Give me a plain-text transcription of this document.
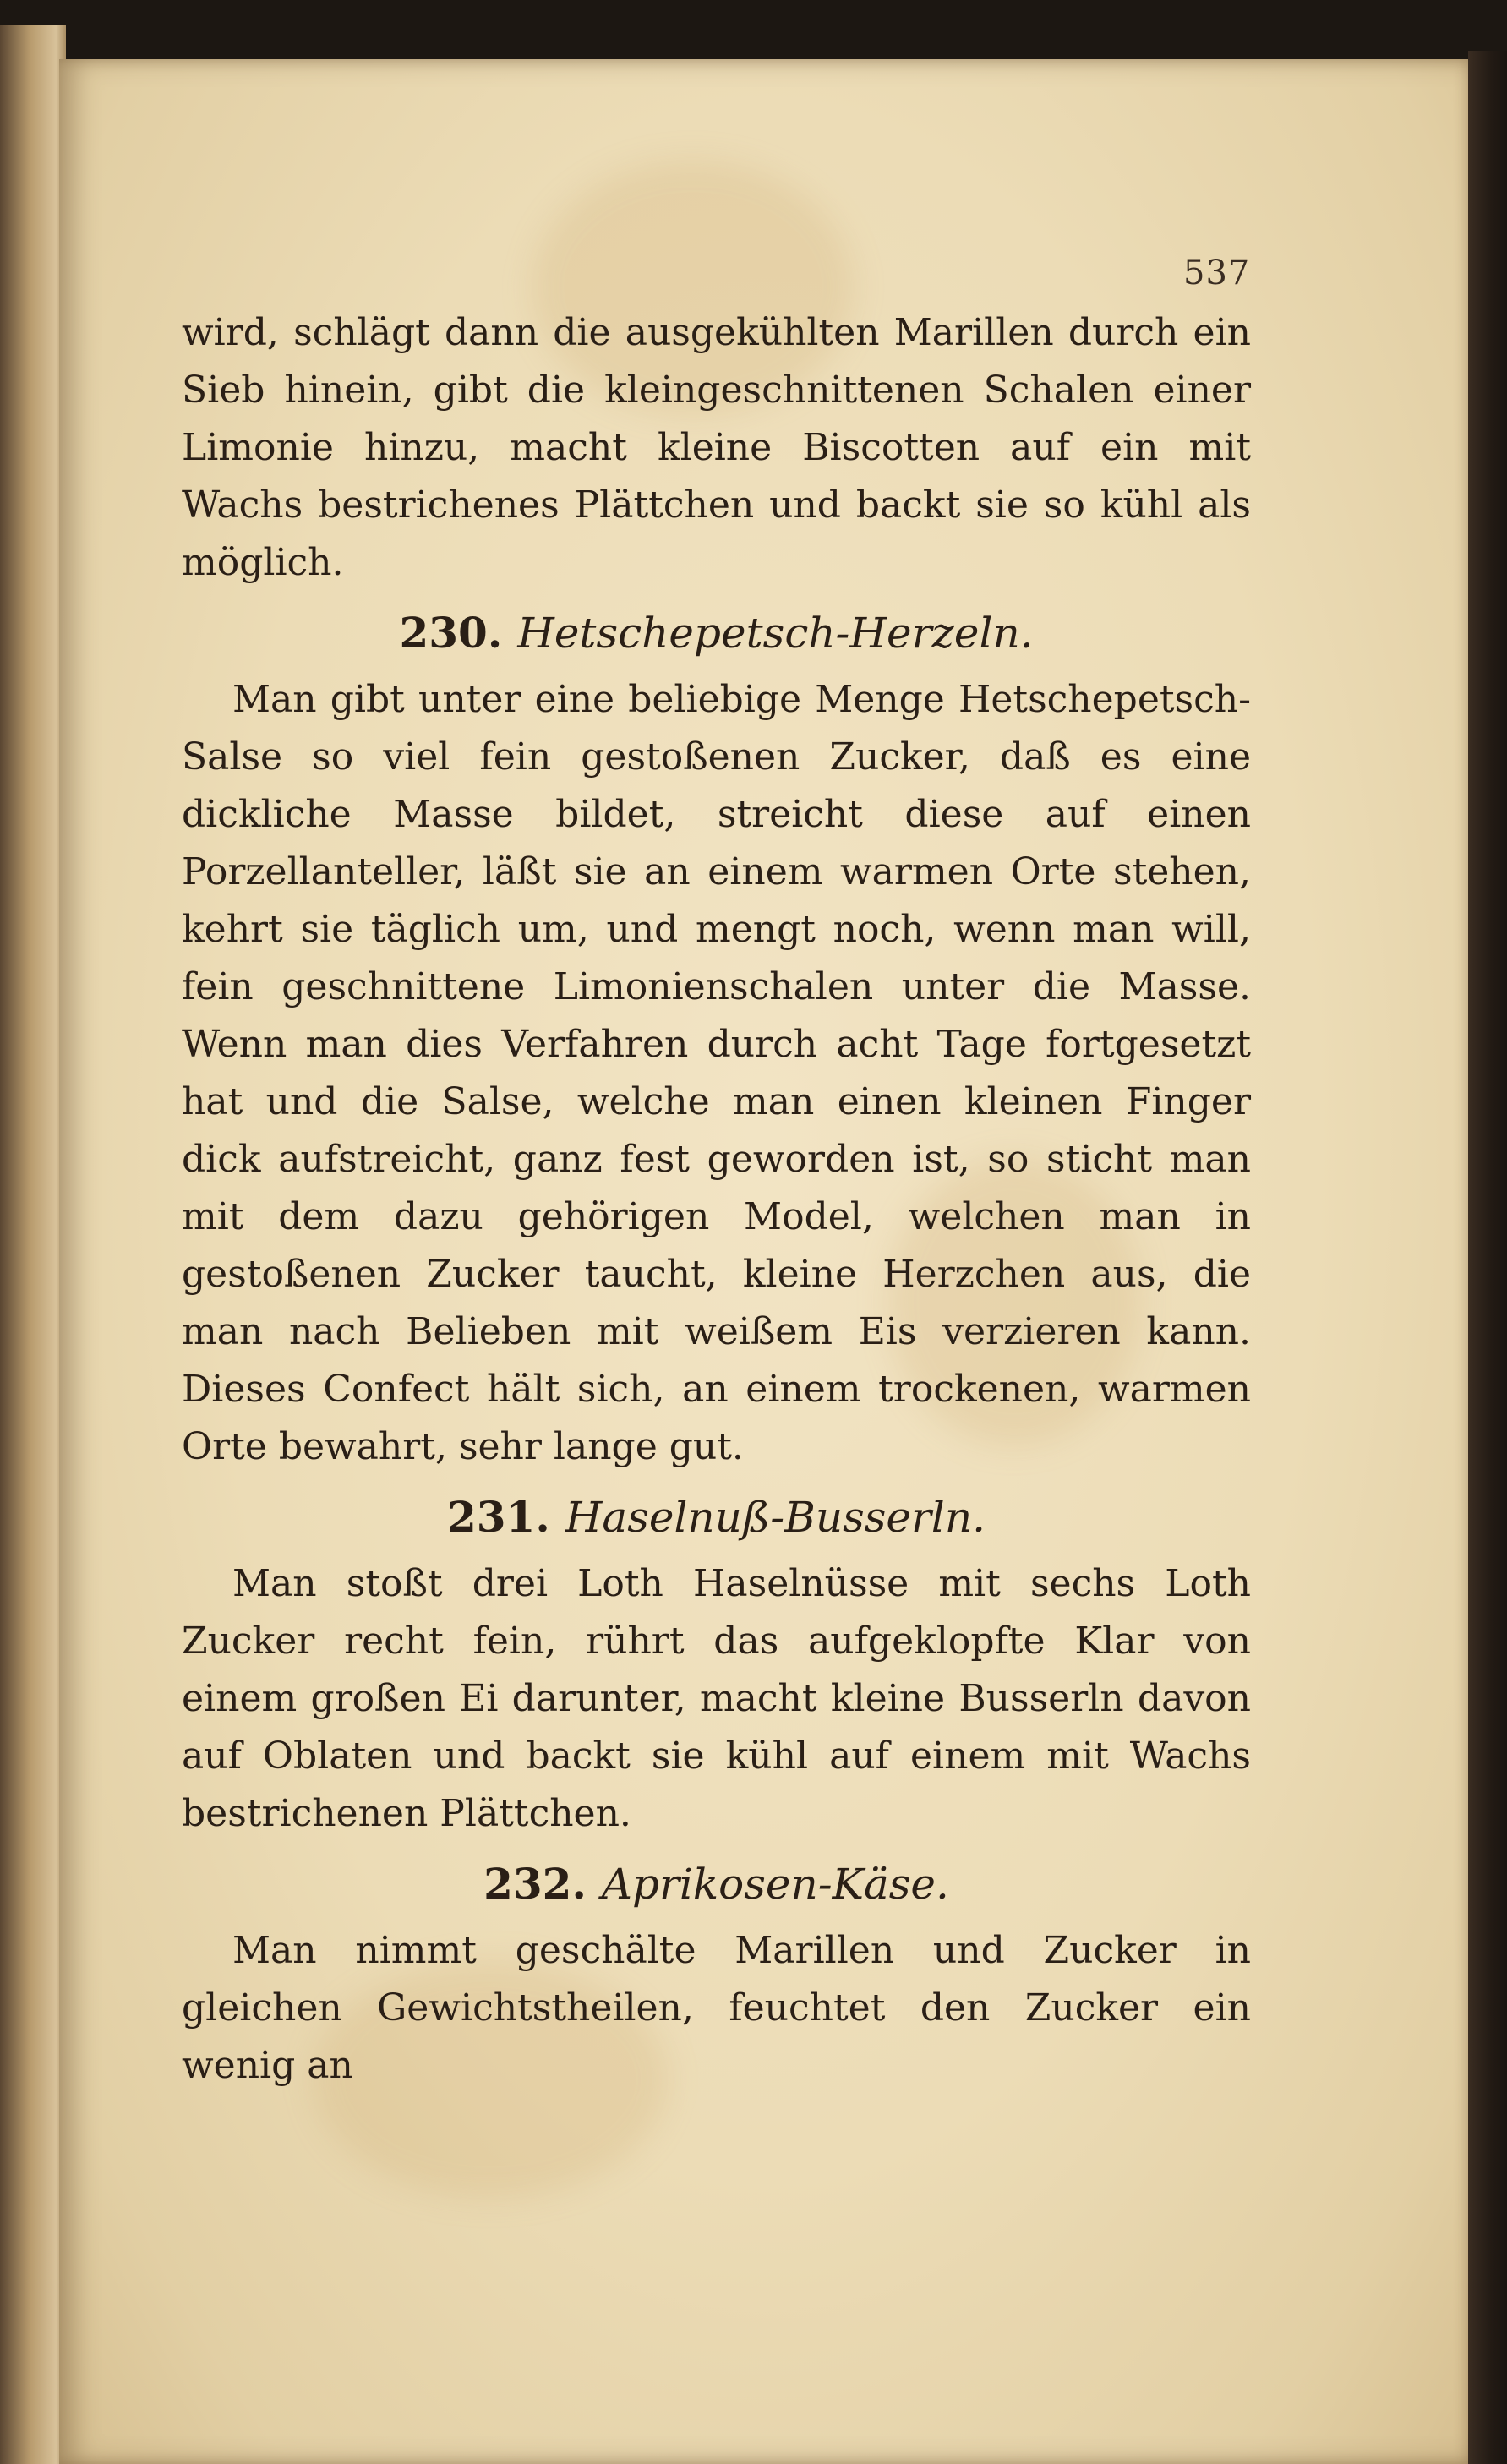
537

wird, schlägt dann die ausgekühlten Marillen durch ein Sieb hinein, gibt die kleingeschnittenen Schalen einer Limonie hinzu, macht kleine Biscotten auf ein mit Wachs bestrichenes Plättchen und backt sie so kühl als möglich.

230. Hetschepetsch-Herzeln.

Man gibt unter eine beliebige Menge Hetschepetsch-Salse so viel fein gestoßenen Zucker, daß es eine dickliche Masse bildet, streicht diese auf einen Porzellanteller, läßt sie an einem warmen Orte stehen, kehrt sie täglich um, und mengt noch, wenn man will, fein geschnittene Limonienschalen unter die Masse. Wenn man dies Verfahren durch acht Tage fortgesetzt hat und die Salse, welche man einen kleinen Finger dick aufstreicht, ganz fest geworden ist, so sticht man mit dem dazu gehörigen Model, welchen man in gestoßenen Zucker taucht, kleine Herzchen aus, die man nach Belieben mit weißem Eis verzieren kann. Dieses Confect hält sich, an einem trockenen, warmen Orte bewahrt, sehr lange gut.

231. Haselnuß-Busserln.

Man stoßt drei Loth Haselnüsse mit sechs Loth Zucker recht fein, rührt das aufgeklopfte Klar von einem großen Ei darunter, macht kleine Busserln davon auf Oblaten und backt sie kühl auf einem mit Wachs bestrichenen Plättchen.

232. Aprikosen-Käse.

Man nimmt geschälte Marillen und Zucker in gleichen Gewichtstheilen, feuchtet den Zucker ein wenig an
